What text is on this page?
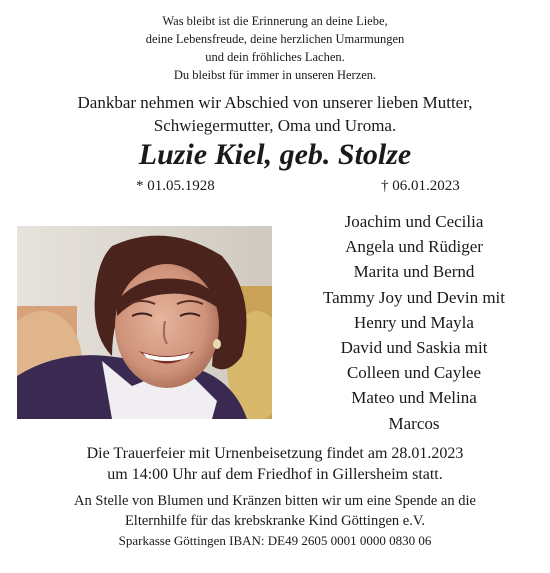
Was bleibt ist die Erinnerung an deine Liebe,
deine Lebensfreude, deine herzlichen Umarmungen
und dein fröhliches Lachen.
Du bleibst für immer in unseren Herzen.
Dankbar nehmen wir Abschied von unserer lieben Mutter,
Schwiegermutter, Oma und Uroma.
Luzie Kiel, geb. Stolze
* 01.05.1928	† 06.01.2023
Joachim und Cecilia
Angela und Rüdiger
Marita und Bernd
Tammy Joy und Devin mit
Henry und Mayla
David und Saskia mit
Colleen und Caylee
Mateo und Melina
Marcos
Die Trauerfeier mit Urnenbeisetzung findet am 28.01.2023
um 14:00 Uhr auf dem Friedhof in Gillersheim statt.
An Stelle von Blumen und Kränzen bitten wir um eine Spende an die
Elternhilfe für das krebskranke Kind Göttingen e.V.
Sparkasse Göttingen IBAN: DE49 2605 0001 0000 0830 06
